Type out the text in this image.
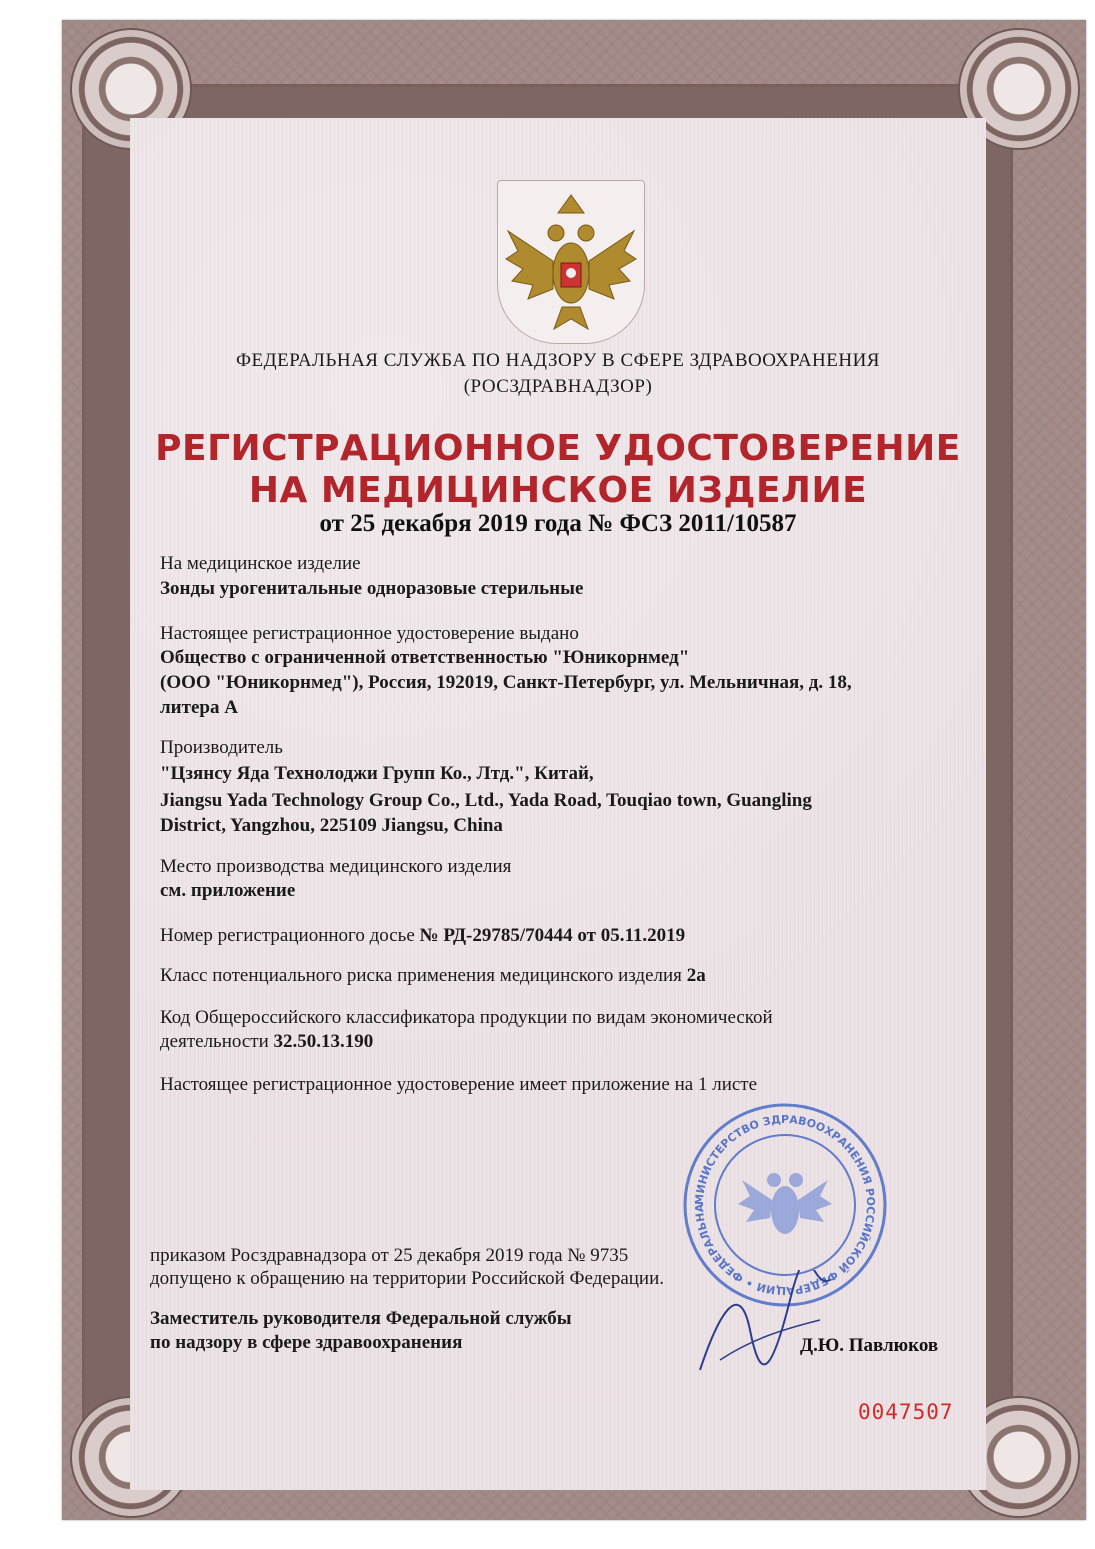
ФЕДЕРАЛЬНАЯ СЛУЖБА ПО НАДЗОРУ В СФЕРЕ ЗДРАВООХРАНЕНИЯ
(РОСЗДРАВНАДЗОР)
РЕГИСТРАЦИОННОЕ УДОСТОВЕРЕНИЕ
НА МЕДИЦИНСКОЕ ИЗДЕЛИЕ
от 25 декабря 2019 года № ФСЗ 2011/10587
На медицинское изделие
Зонды урогенитальные одноразовые стерильные
Настоящее регистрационное удостоверение выдано
Общество с ограниченной ответственностью "Юникорнмед"
(ООО "Юникорнмед"), Россия, 192019, Санкт-Петербург, ул. Мельничная, д. 18,
литера А
Производитель
"Цзянсу Яда Технолоджи Групп Ко., Лтд.", Китай,
Jiangsu Yada Technology Group Co., Ltd., Yada Road, Touqiao town, Guangling
District, Yangzhou, 225109 Jiangsu, China
Место производства медицинского изделия
см. приложение
Номер регистрационного досье № РД-29785/70444 от 05.11.2019
Класс потенциального риска применения медицинского изделия 2а
Код Общероссийского классификатора продукции по видам экономической
деятельности 32.50.13.190
Настоящее регистрационное удостоверение имеет приложение на 1 листе
приказом Росздравнадзора от 25 декабря 2019 года № 9735
допущено к обращению на территории Российской Федерации.
Заместитель руководителя Федеральной службы
по надзору в сфере здравоохранения
МИНИСТЕРСТВО ЗДРАВООХРАНЕНИЯ РОССИЙСКОЙ ФЕДЕРАЦИИ • ФЕДЕРАЛЬНА
Д.Ю. Павлюков
0047507
